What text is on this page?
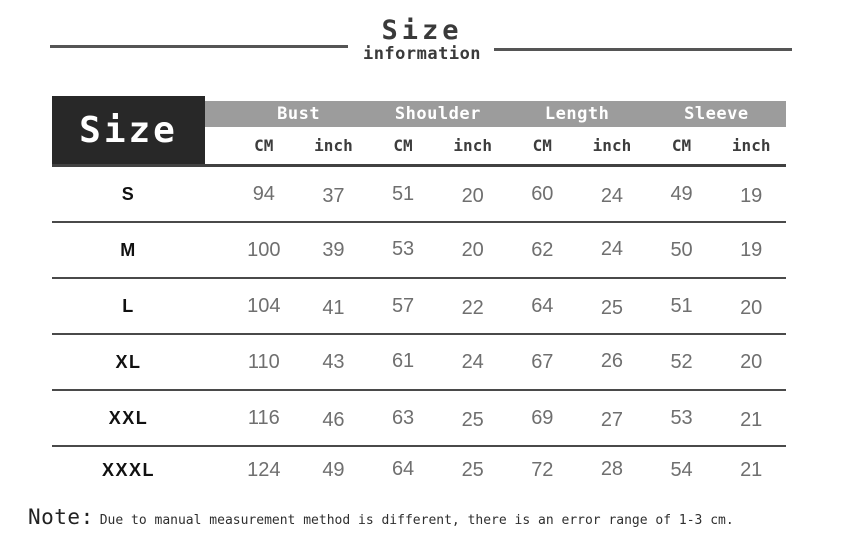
Size
information
Size	Bust	Shoulder	Length	Sleeve
CM	inch	CM	inch	CM	inch	CM	inch
S	94	37	51	20	60	24	49	19
M	100	39	53	20	62	24	50	19
L	104	41	57	22	64	25	51	20
XL	110	43	61	24	67	26	52	20
XXL	116	46	63	25	69	27	53	21
XXXL	124	49	64	25	72	28	54	21
Note: Due to manual measurement method is different, there is an error range of 1-3 cm.
